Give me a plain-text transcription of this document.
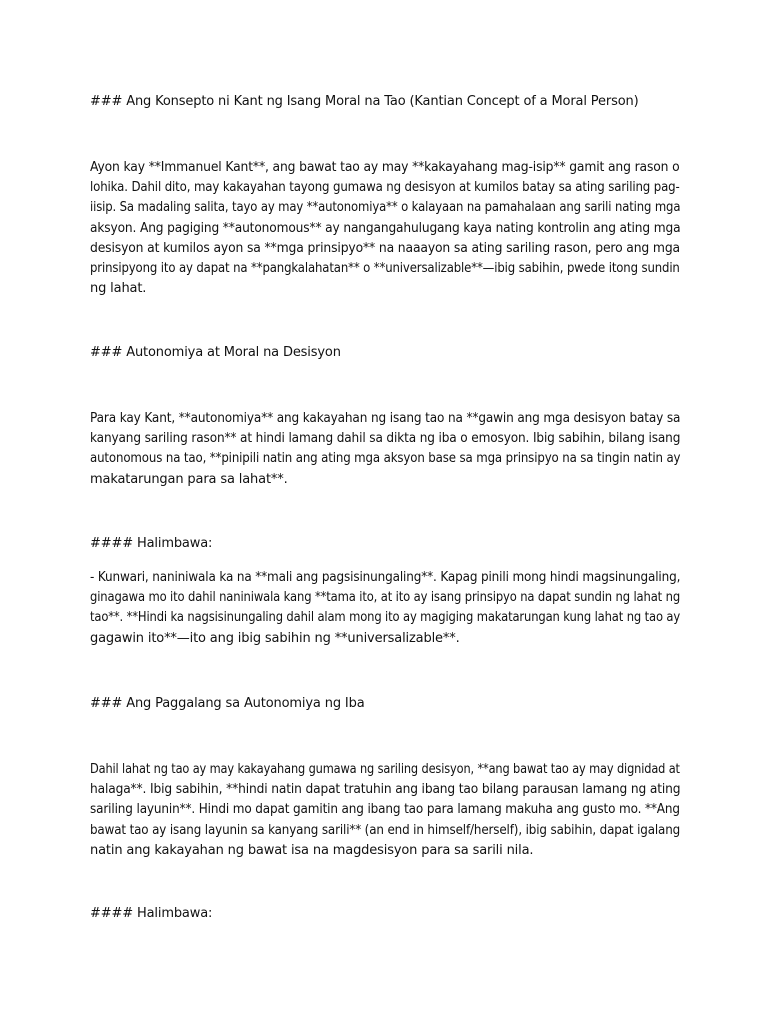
### Ang Konsepto ni Kant ng Isang Moral na Tao (Kantian Concept of a Moral Person)

Ayon kay **Immanuel Kant**, ang bawat tao ay may **kakayahang mag-isip** gamit ang rason o
lohika. Dahil dito, may kakayahan tayong gumawa ng desisyon at kumilos batay sa ating sariling pag-
iisip. Sa madaling salita, tayo ay may **autonomiya** o kalayaan na pamahalaan ang sarili nating mga
aksyon. Ang pagiging **autonomous** ay nangangahulugang kaya nating kontrolin ang ating mga
desisyon at kumilos ayon sa **mga prinsipyo** na naaayon sa ating sariling rason, pero ang mga
prinsipyong ito ay dapat na **pangkalahatan** o **universalizable**—ibig sabihin, pwede itong sundin
ng lahat.

### Autonomiya at Moral na Desisyon

Para kay Kant, **autonomiya** ang kakayahan ng isang tao na **gawin ang mga desisyon batay sa
kanyang sariling rason** at hindi lamang dahil sa dikta ng iba o emosyon. Ibig sabihin, bilang isang
autonomous na tao, **pinipili natin ang ating mga aksyon base sa mga prinsipyo na sa tingin natin ay
makatarungan para sa lahat**.

#### Halimbawa:

- Kunwari, naniniwala ka na **mali ang pagsisinungaling**. Kapag pinili mong hindi magsinungaling,
ginagawa mo ito dahil naniniwala kang **tama ito, at ito ay isang prinsipyo na dapat sundin ng lahat ng
tao**. **Hindi ka nagsisinungaling dahil alam mong ito ay magiging makatarungan kung lahat ng tao ay
gagawin ito**—ito ang ibig sabihin ng **universalizable**.

### Ang Paggalang sa Autonomiya ng Iba

Dahil lahat ng tao ay may kakayahang gumawa ng sariling desisyon, **ang bawat tao ay may dignidad at
halaga**. Ibig sabihin, **hindi natin dapat tratuhin ang ibang tao bilang parausan lamang ng ating
sariling layunin**. Hindi mo dapat gamitin ang ibang tao para lamang makuha ang gusto mo. **Ang
bawat tao ay isang layunin sa kanyang sarili** (an end in himself/herself), ibig sabihin, dapat igalang
natin ang kakayahan ng bawat isa na magdesisyon para sa sarili nila.

#### Halimbawa:
